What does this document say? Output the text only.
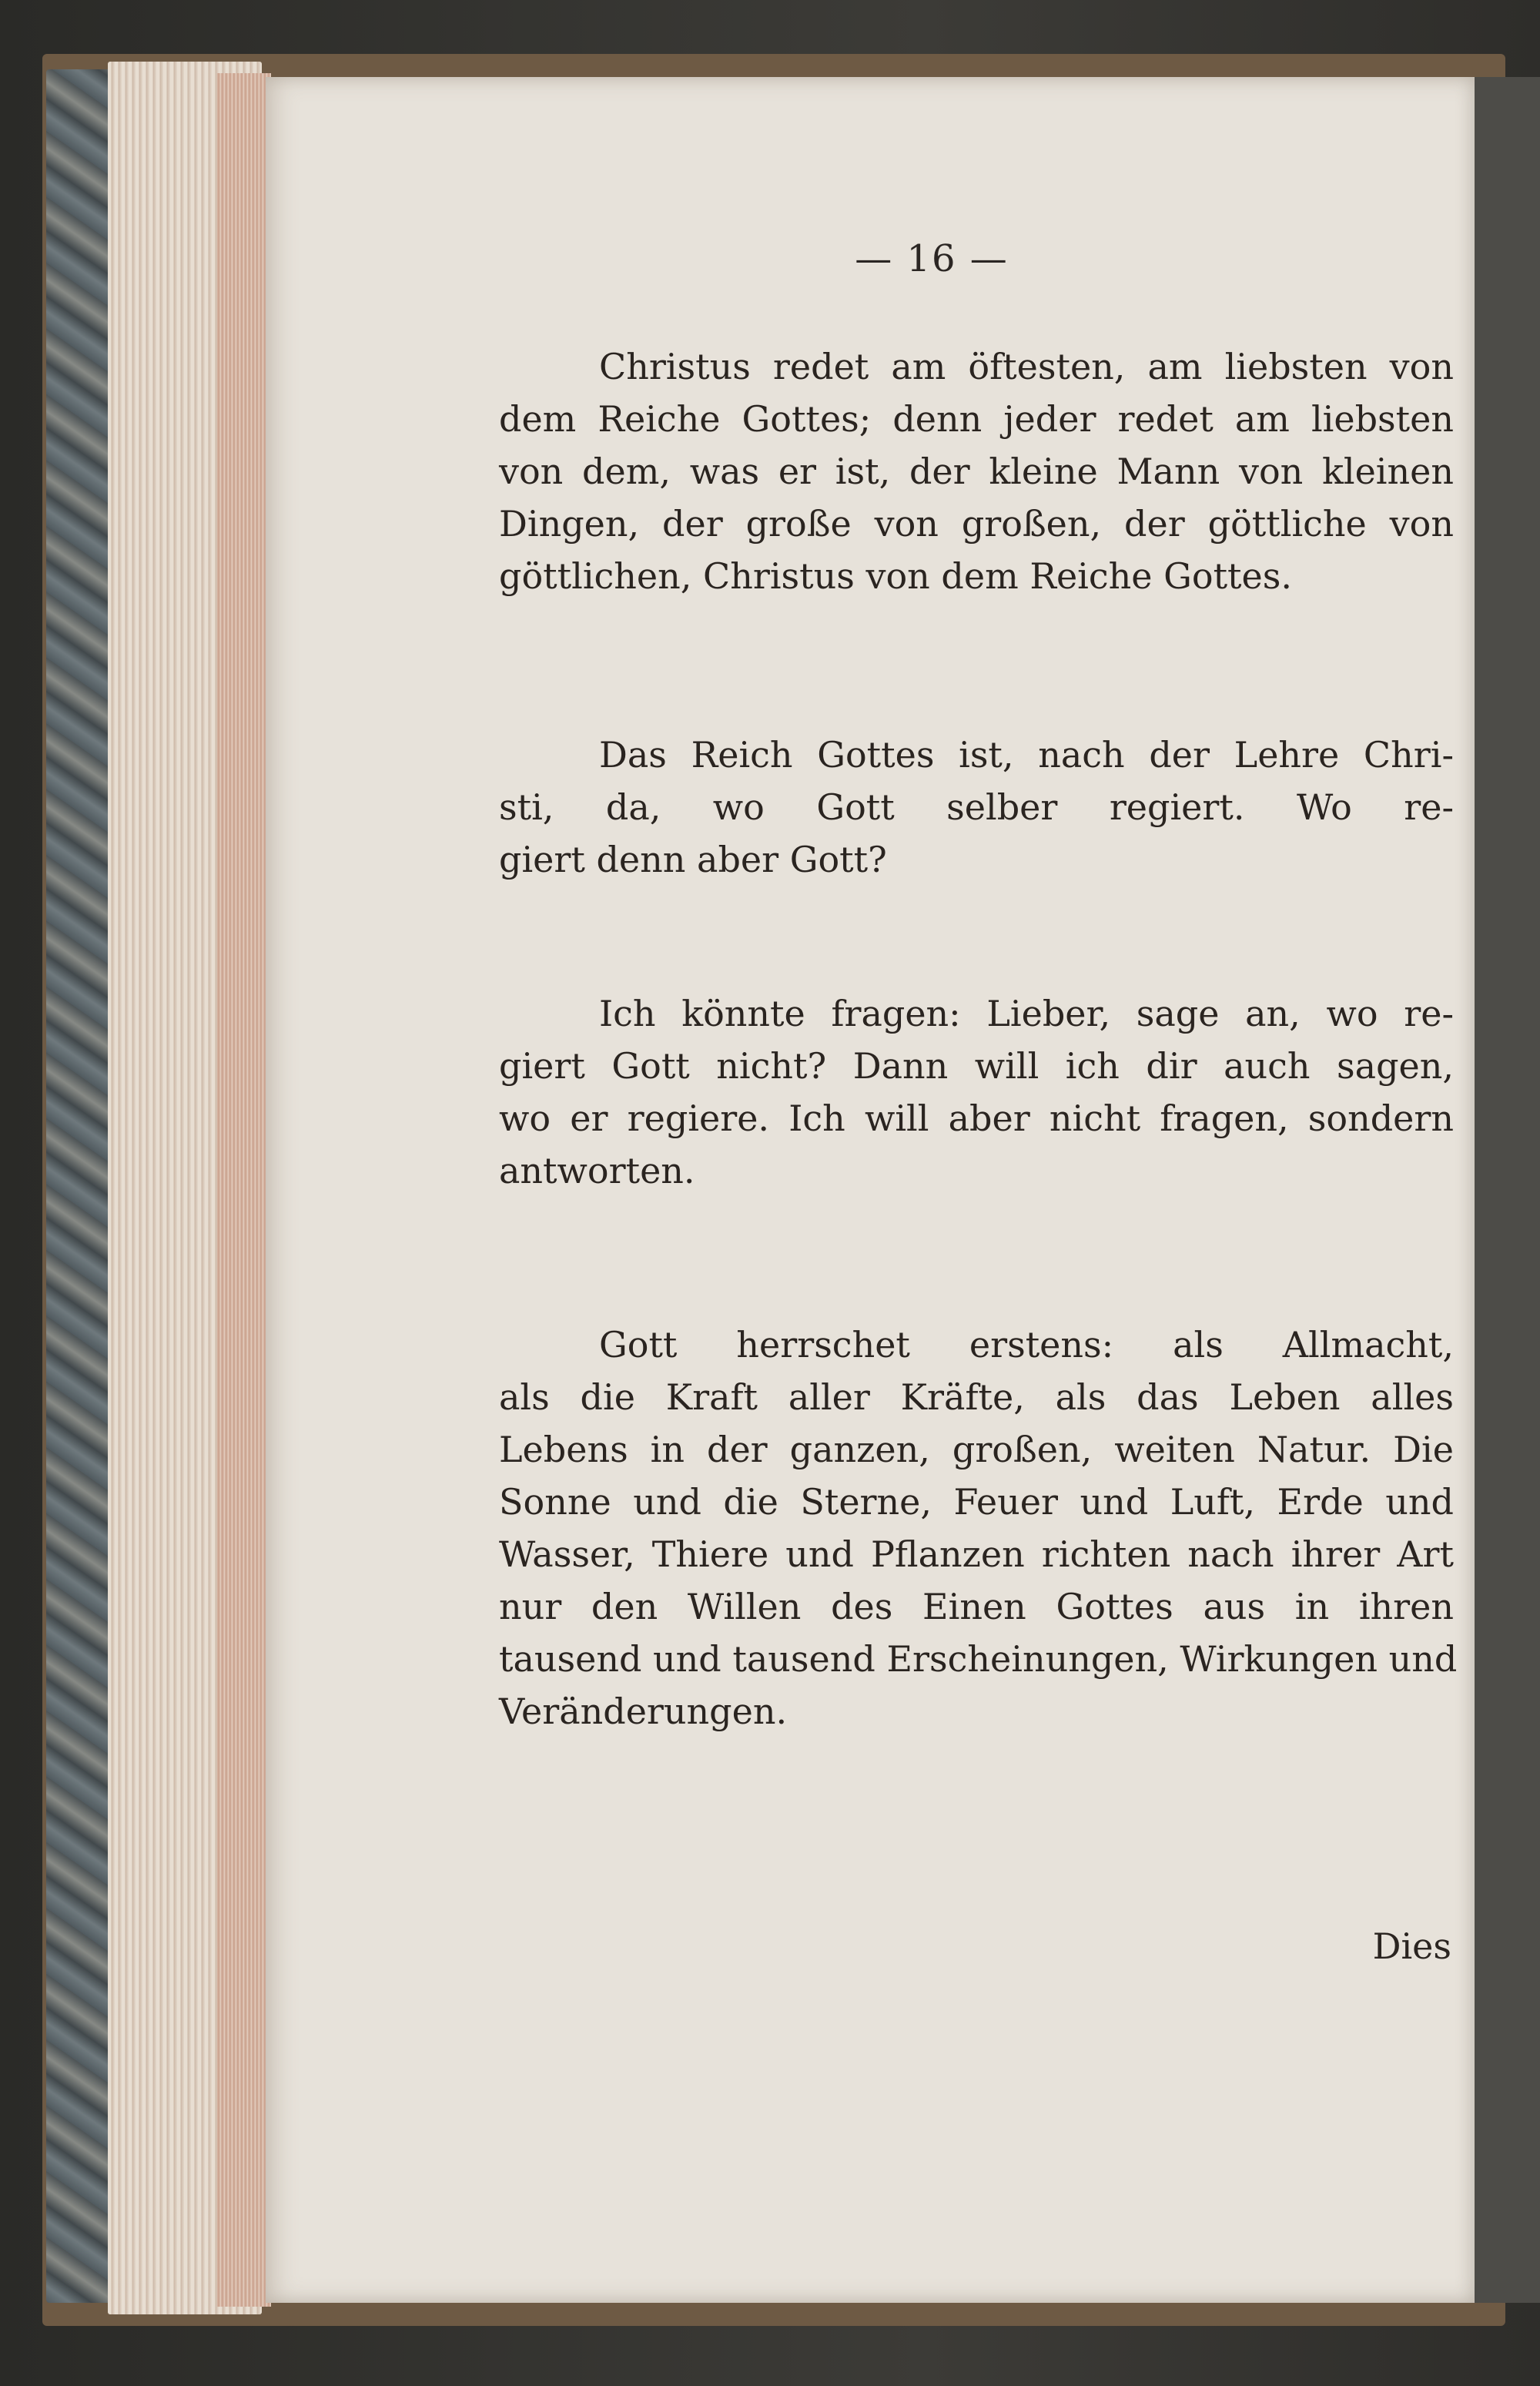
— 16 —
Christus redet am öftesten, am liebsten von
dem Reiche Gottes; denn jeder redet am liebsten
von dem, was er ist, der kleine Mann von kleinen
Dingen, der große von großen, der göttliche von
göttlichen, Christus von dem Reiche Gottes.
Das Reich Gottes ist, nach der Lehre Chri-
sti, da, wo Gott selber regiert. Wo re-
giert denn aber Gott?
Ich könnte fragen: Lieber, sage an, wo re-
giert Gott nicht? Dann will ich dir auch sagen,
wo er regiere. Ich will aber nicht fragen, sondern
antworten.
Gott herrschet erstens: als Allmacht,
als die Kraft aller Kräfte, als das Leben alles
Lebens in der ganzen, großen, weiten Natur. Die
Sonne und die Sterne, Feuer und Luft, Erde und
Wasser, Thiere und Pflanzen richten nach ihrer Art
nur den Willen des Einen Gottes aus in ihren
tausend und tausend Erscheinungen, Wirkungen und
Veränderungen.
Dies
